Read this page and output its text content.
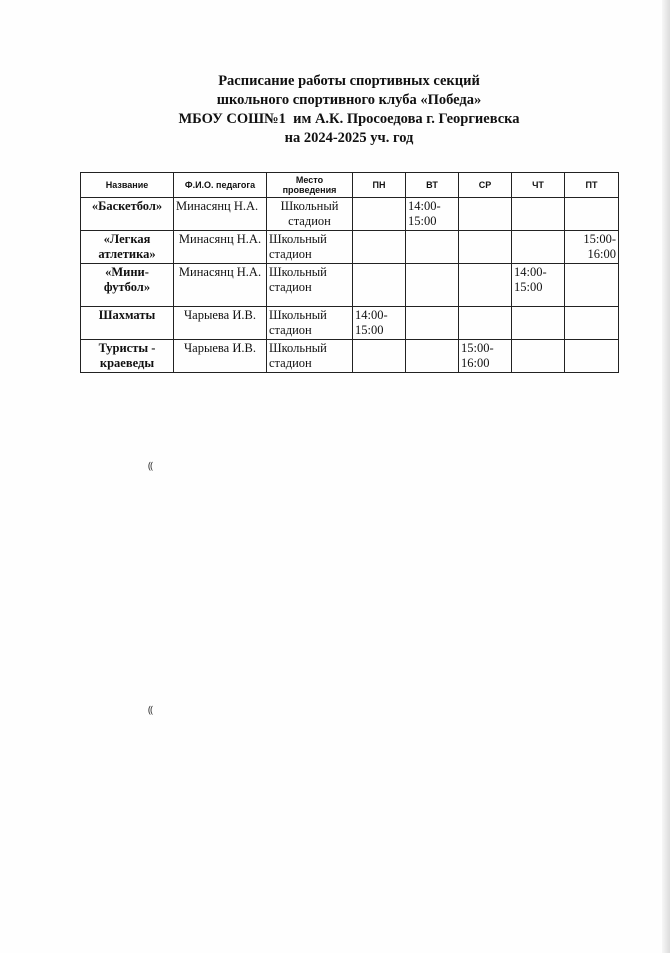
Расписание работы спортивных секций
школьного спортивного клуба «Победа»
МБОУ СОШ№1  им А.К. Просоедова г. Георгиевска
на 2024-2025 уч. год
Название	Ф.И.О. педагога	Место проведения	ПН	ВТ	СР	ЧТ	ПТ
«Баскетбол»	Минасянц Н.А.	Школьный стадион		14:00-15:00			
«Легкая атлетика»	Минасянц Н.А.	Школьный стадион					15:00-16:00
«Мини-футбол»	Минасянц Н.А.	Школьный стадион				14:00-15:00	
Шахматы	Чарыева И.В.	Школьный стадион	14:00-15:00				
Туристы - краеведы	Чарыева И.В.	Школьный стадион			15:00-16:00		
⸨
⸨
